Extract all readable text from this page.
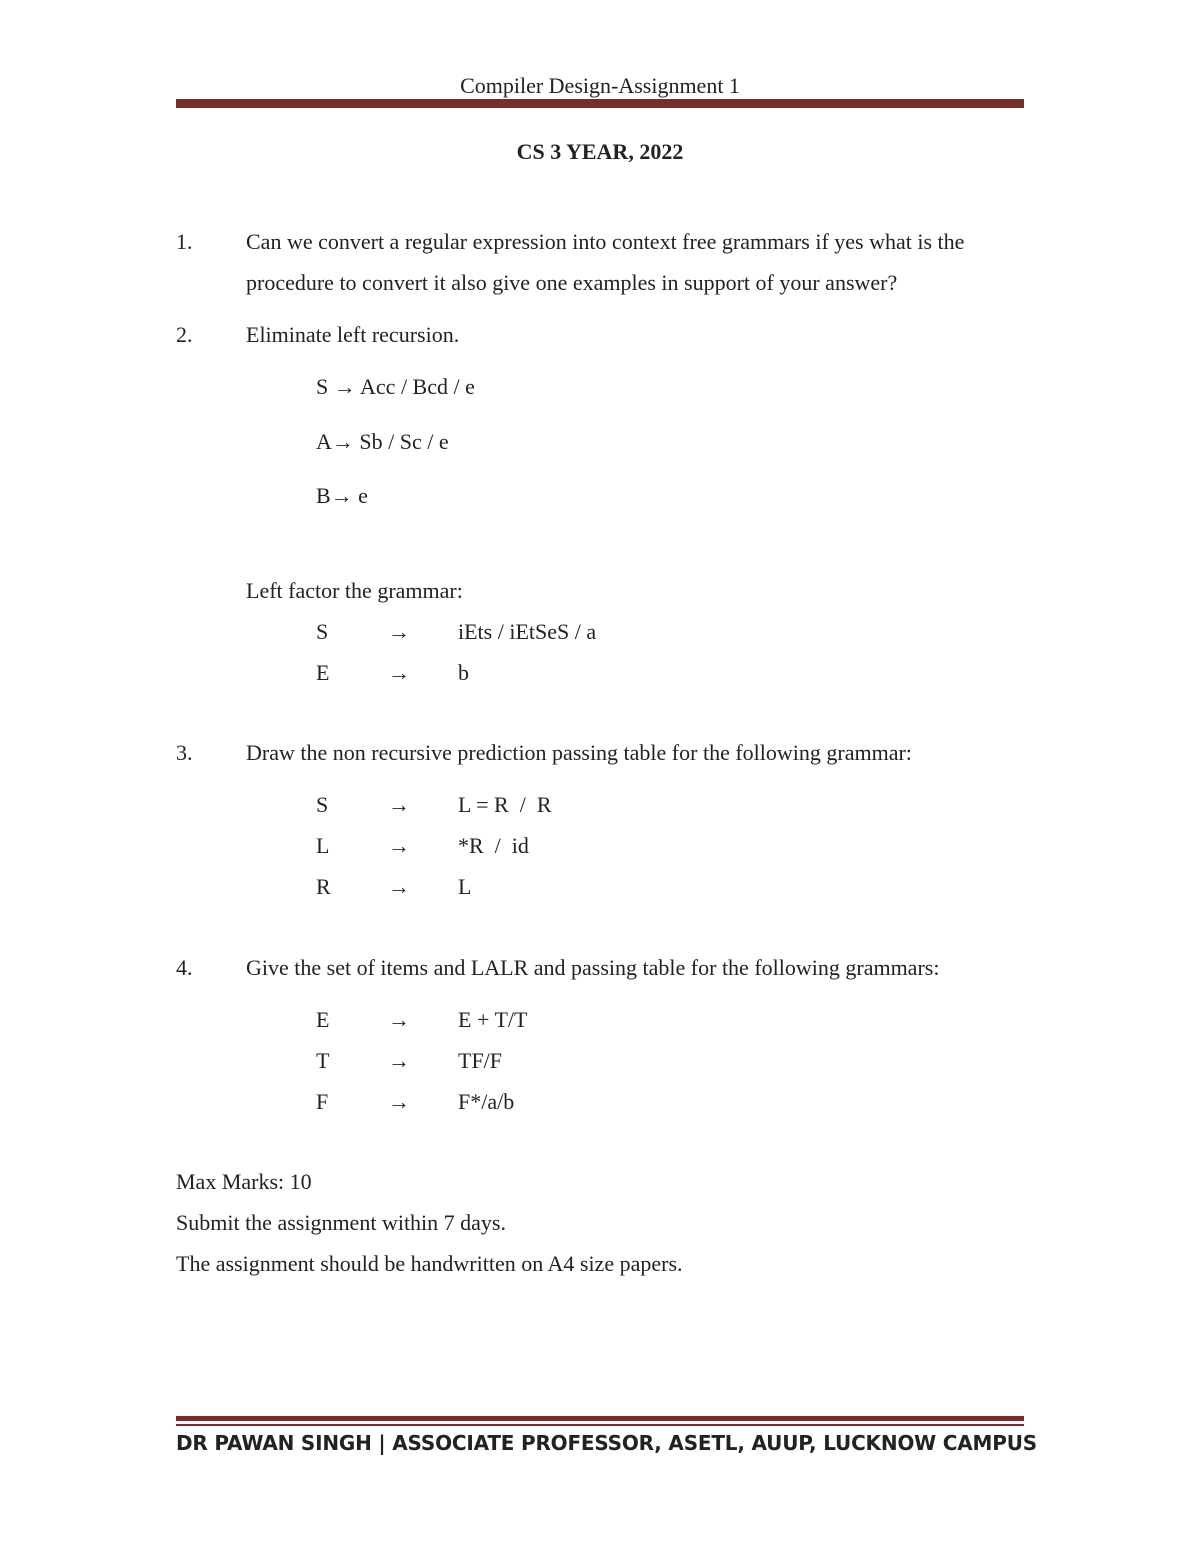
Compiler Design-Assignment 1
CS 3 YEAR, 2022
1. Can we convert a regular expression into context free grammars if yes what is the
procedure to convert it also give one examples in support of your answer?
2. Eliminate left recursion.
S → Acc / Bcd / e
A→ Sb / Sc / e
B→ e
Left factor the grammar:
S	→ iEts / iEtSeS / a
E	→ b
3. Draw the non recursive prediction passing table for the following grammar:
S	→ L = R  /  R
L	→ *R  /  id
R	→ L
4. Give the set of items and LALR and passing table for the following grammars:
E	→ E + T/T
T	→ TF/F
F	→ F*/a/b
Max Marks: 10
Submit the assignment within 7 days.
The assignment should be handwritten on A4 size papers.
DR PAWAN SINGH | ASSOCIATE PROFESSOR, ASETL, AUUP, LUCKNOW CAMPUS
